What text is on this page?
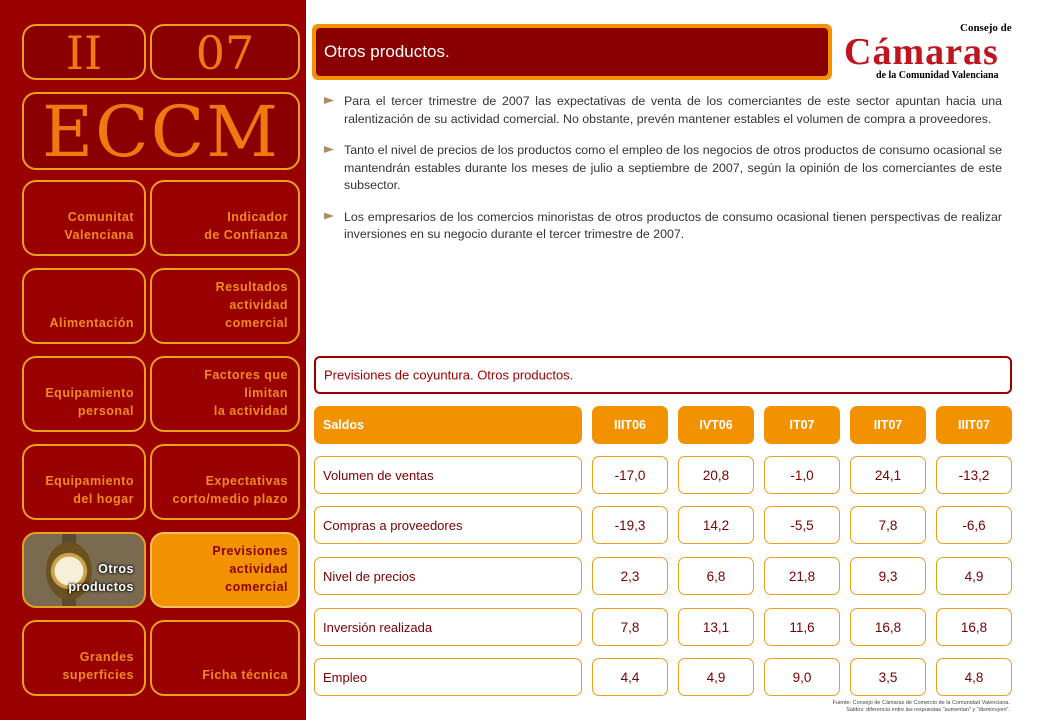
II	07
ECCM
Comunitat
Valenciana
Indicador
de Confianza
Alimentación
Resultados actividad
comercial
Equipamiento
personal
Factores que limitan
la actividad
Equipamiento
del hogar
Expectativas
corto/medio plazo
Otros
productos
Previsiones actividad
comercial
Grandes
superficies	Ficha técnica
Otros productos.
Consejo de
Cámaras
de la Comunidad Valenciana
Para el tercer trimestre de 2007 las expectativas de venta de los comerciantes de este sector apuntan hacia una ralentización de su actividad comercial. No obstante, prevén mantener estables el volumen de compra a proveedores.
Tanto el nivel de precios de los productos como el empleo de los negocios de otros productos de consumo ocasional se mantendrán estables durante los meses de julio a septiembre de 2007, según la opinión de los comerciantes de este subsector.
Los empresarios de los comercios minoristas de otros productos de consumo ocasional tienen perspectivas de realizar inversiones en su negocio durante el tercer trimestre de 2007.
Previsiones de coyuntura. Otros productos.
Saldos	IIIT06	IVT06	IT07	IIT07	IIIT07
Volumen de ventas	-17,0	20,8	-1,0	24,1	-13,2
Compras a proveedores	-19,3	14,2	-5,5	7,8	-6,6
Nivel de precios	2,3	6,8	21,8	9,3	4,9
Inversión realizada	7,8	13,1	11,6	16,8	16,8
Empleo	4,4	4,9	9,0	3,5	4,8
Fuente: Consejo de Cámaras de Comercio de la Comunidad Valenciana.
Saldos: diferencia entre las respuestas "aumentan" y "disminuyen".
